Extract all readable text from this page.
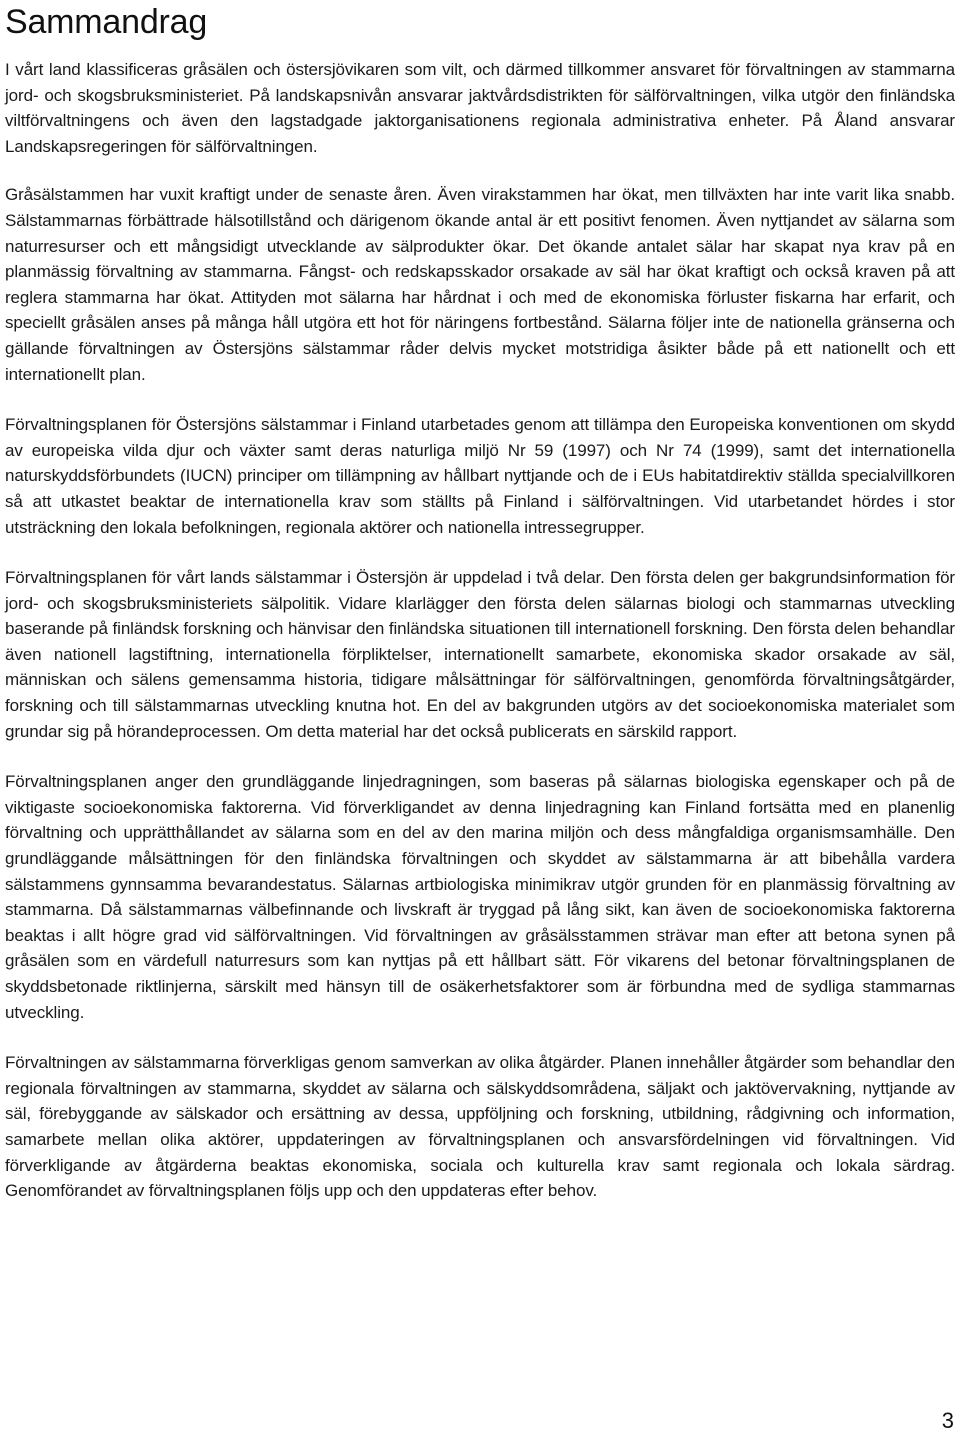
Sammandrag

I vårt land klassificeras gråsälen och östersjövikaren som vilt, och därmed tillkommer ansvaret för förvaltningen av stammarna jord- och skogsbruksministeriet. På landskapsnivån ansvarar jaktvårdsdistrikten för sälförvaltningen, vilka utgör den finländska viltförvaltningens och även den lagstadgade jaktorganisationens regionala administrativa enheter. På Åland ansvarar Landskapsregeringen för sälförvaltningen.

Gråsälstammen har vuxit kraftigt under de senaste åren. Även virakstammen har ökat, men tillväxten har inte varit lika snabb. Sälstammarnas förbättrade hälsotillstånd och därigenom ökande antal är ett positivt fenomen. Även nyttjandet av sälarna som naturresurser och ett mångsidigt utvecklande av sälprodukter ökar. Det ökande antalet sälar har skapat nya krav på en planmässig förvaltning av stammarna. Fångst- och redskapsskador orsakade av säl har ökat kraftigt och också kraven på att reglera stammarna har ökat. Attityden mot sälarna har hårdnat i och med de ekonomiska förluster fiskarna har erfarit, och speciellt gråsälen anses på många håll utgöra ett hot för näringens fortbestånd. Sälarna följer inte de nationella gränserna och gällande förvaltningen av Östersjöns sälstammar råder delvis mycket motstridiga åsikter både på ett nationellt och ett internationellt plan.

Förvaltningsplanen för Östersjöns sälstammar i Finland utarbetades genom att tillämpa den Europeiska konventionen om skydd av europeiska vilda djur och växter samt deras naturliga miljö Nr 59 (1997) och Nr 74 (1999), samt det internationella naturskyddsförbundets (IUCN) principer om tillämpning av hållbart nyttjande och de i EUs habitatdirektiv ställda specialvillkoren så att utkastet beaktar de internationella krav som ställts på Finland i sälförvaltningen. Vid utarbetandet hördes i stor utsträckning den lokala befolkningen, regionala aktörer och nationella intressegrupper.

Förvaltningsplanen för vårt lands sälstammar i Östersjön är uppdelad i två delar. Den första delen ger bakgrundsinformation för jord- och skogsbruksministeriets sälpolitik. Vidare klarlägger den första delen sälarnas biologi och stammarnas utveckling baserande på finländsk forskning och hänvisar den finländska situationen till internationell forskning. Den första delen behandlar även nationell lagstiftning, internationella förpliktelser, internationellt samarbete, ekonomiska skador orsakade av säl, människan och sälens gemensamma historia, tidigare målsättningar för sälförvaltningen, genomförda förvaltningsåtgärder, forskning och till sälstammarnas utveckling knutna hot. En del av bakgrunden utgörs av det socioekonomiska materialet som grundar sig på hörandeprocessen. Om detta material har det också publicerats en särskild rapport.

Förvaltningsplanen anger den grundläggande linjedragningen, som baseras på sälarnas biologiska egenskaper och på de viktigaste socioekonomiska faktorerna. Vid förverkligandet av denna linjedragning kan Finland fortsätta med en planenlig förvaltning och upprätthållandet av sälarna som en del av den marina miljön och dess mångfaldiga organismsamhälle. Den grundläggande målsättningen för den finländska förvaltningen och skyddet av sälstammarna är att bibehålla vardera sälstammens gynnsamma bevarandestatus. Sälarnas artbiologiska minimikrav utgör grunden för en planmässig förvaltning av stammarna. Då sälstammarnas välbefinnande och livskraft är tryggad på lång sikt, kan även de socioekonomiska faktorerna beaktas i allt högre grad vid sälförvaltningen. Vid förvaltningen av gråsälsstammen strävar man efter att betona synen på gråsälen som en värdefull naturresurs som kan nyttjas på ett hållbart sätt. För vikarens del betonar förvaltningsplanen de skyddsbetonade riktlinjerna, särskilt med hänsyn till de osäkerhetsfaktorer som är förbundna med de sydliga stammarnas utveckling.

Förvaltningen av sälstammarna förverkligas genom samverkan av olika åtgärder. Planen innehåller åtgärder som behandlar den regionala förvaltningen av stammarna, skyddet av sälarna och sälskyddsområdena, säljakt och jaktövervakning, nyttjande av säl, förebyggande av sälskador och ersättning av dessa, uppföljning och forskning, utbildning, rådgivning och information, samarbete mellan olika aktörer, uppdateringen av förvaltningsplanen och ansvarsfördelningen vid förvaltningen. Vid förverkligande av åtgärderna beaktas ekonomiska, sociala och kulturella krav samt regionala och lokala särdrag. Genomförandet av förvaltningsplanen följs upp och den uppdateras efter behov.

3
